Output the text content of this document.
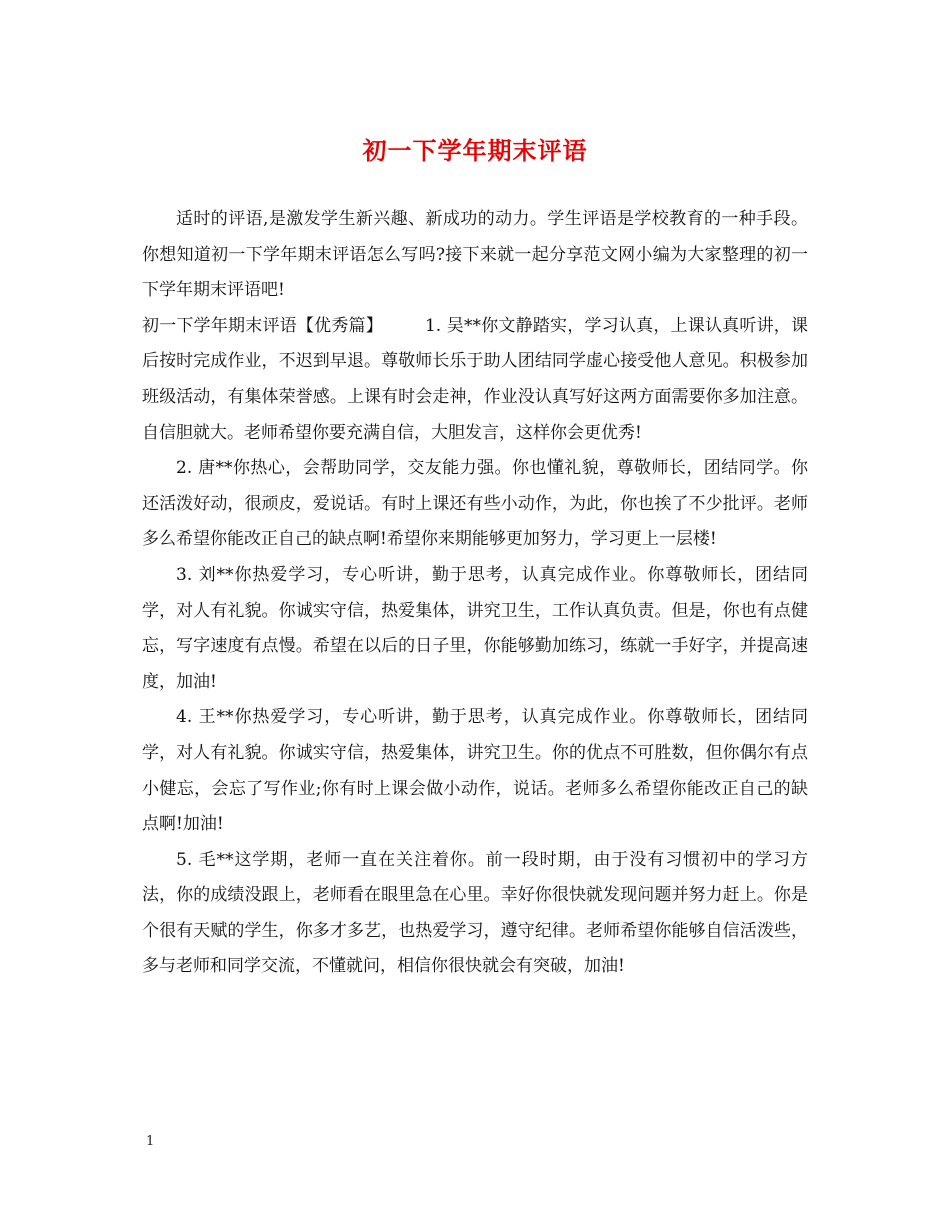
初一下学年期末评语

适时的评语,是激发学生新兴趣、新成功的动力。学生评语是学校教育的一种手段。你想知道初一下学年期末评语怎么写吗?接下来就一起分享范文网小编为大家整理的初一下学年期末评语吧!

初一下学年期末评语【优秀篇】 1. 吴**你文静踏实，学习认真，上课认真听讲，课后按时完成作业，不迟到早退。尊敬师长乐于助人团结同学虚心接受他人意见。积极参加班级活动，有集体荣誉感。上课有时会走神，作业没认真写好这两方面需要你多加注意。自信胆就大。老师希望你要充满自信，大胆发言，这样你会更优秀!

2. 唐**你热心，会帮助同学，交友能力强。你也懂礼貌，尊敬师长，团结同学。你还活泼好动，很顽皮，爱说话。有时上课还有些小动作，为此，你也挨了不少批评。老师多么希望你能改正自己的缺点啊!希望你来期能够更加努力，学习更上一层楼!

3. 刘**你热爱学习，专心听讲，勤于思考，认真完成作业。你尊敬师长，团结同学，对人有礼貌。你诚实守信，热爱集体，讲究卫生，工作认真负责。但是，你也有点健忘，写字速度有点慢。希望在以后的日子里，你能够勤加练习，练就一手好字，并提高速度，加油!

4. 王**你热爱学习，专心听讲，勤于思考，认真完成作业。你尊敬师长，团结同学，对人有礼貌。你诚实守信，热爱集体，讲究卫生。你的优点不可胜数，但你偶尔有点小健忘，会忘了写作业;你有时上课会做小动作，说话。老师多么希望你能改正自己的缺点啊!加油!

5. 毛**这学期，老师一直在关注着你。前一段时期，由于没有习惯初中的学习方法，你的成绩没跟上，老师看在眼里急在心里。幸好你很快就发现问题并努力赶上。你是个很有天赋的学生，你多才多艺，也热爱学习，遵守纪律。老师希望你能够自信活泼些，多与老师和同学交流，不懂就问，相信你很快就会有突破，加油!

1
